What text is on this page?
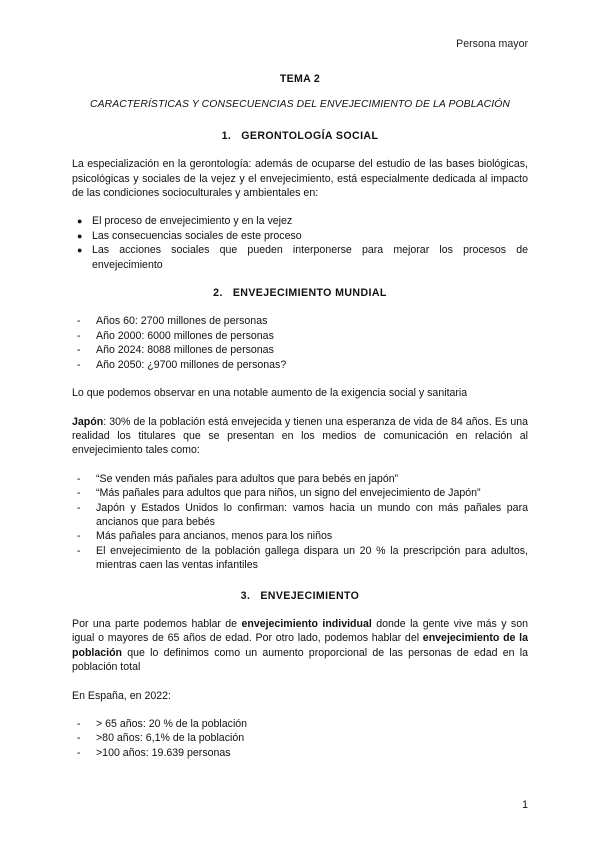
Persona mayor
TEMA 2
CARACTERÍSTICAS Y CONSECUENCIAS DEL ENVEJECIMIENTO DE LA POBLACIÓN
1. GERONTOLOGÍA SOCIAL

La especialización en la gerontología: además de ocuparse del estudio de las bases biológicas, psicológicas y sociales de la vejez y el envejecimiento, está especialmente dedicada al impacto de las condiciones socioculturales y ambientales en:

● El proceso de envejecimiento y en la vejez
● Las consecuencias sociales de este proceso
● Las acciones sociales que pueden interponerse para mejorar los procesos de envejecimiento
2. ENVEJECIMIENTO MUNDIAL
- Años 60: 2700 millones de personas
- Año 2000: 6000 millones de personas
- Año 2024: 8088 millones de personas
- Año 2050: ¿9700 millones de personas?

Lo que podemos observar en una notable aumento de la exigencia social y sanitaria

Japón: 30% de la población está envejecida y tienen una esperanza de vida de 84 años. Es una realidad los titulares que se presentan en los medios de comunicación en relación al envejecimiento tales como:

- “Se venden más pañales para adultos que para bebés en japón”
- “Más pañales para adultos que para niños, un signo del envejecimiento de Japón”
- Japón y Estados Unidos lo confirman: vamos hacia un mundo con más pañales para ancianos que para bebés
- Más pañales para ancianos, menos para los niños
- El envejecimiento de la población gallega dispara un 20 % la prescripción para adultos, mientras caen las ventas infantiles
3. ENVEJECIMIENTO

Por una parte podemos hablar de envejecimiento individual donde la gente vive más y son igual o mayores de 65 años de edad. Por otro lado, podemos hablar del envejecimiento de la población que lo definimos como un aumento proporcional de las personas de edad en la población total

En España, en 2022:

- > 65 años: 20 % de la población
- >80 años: 6,1% de la población
- >100 años: 19.639 personas
1
